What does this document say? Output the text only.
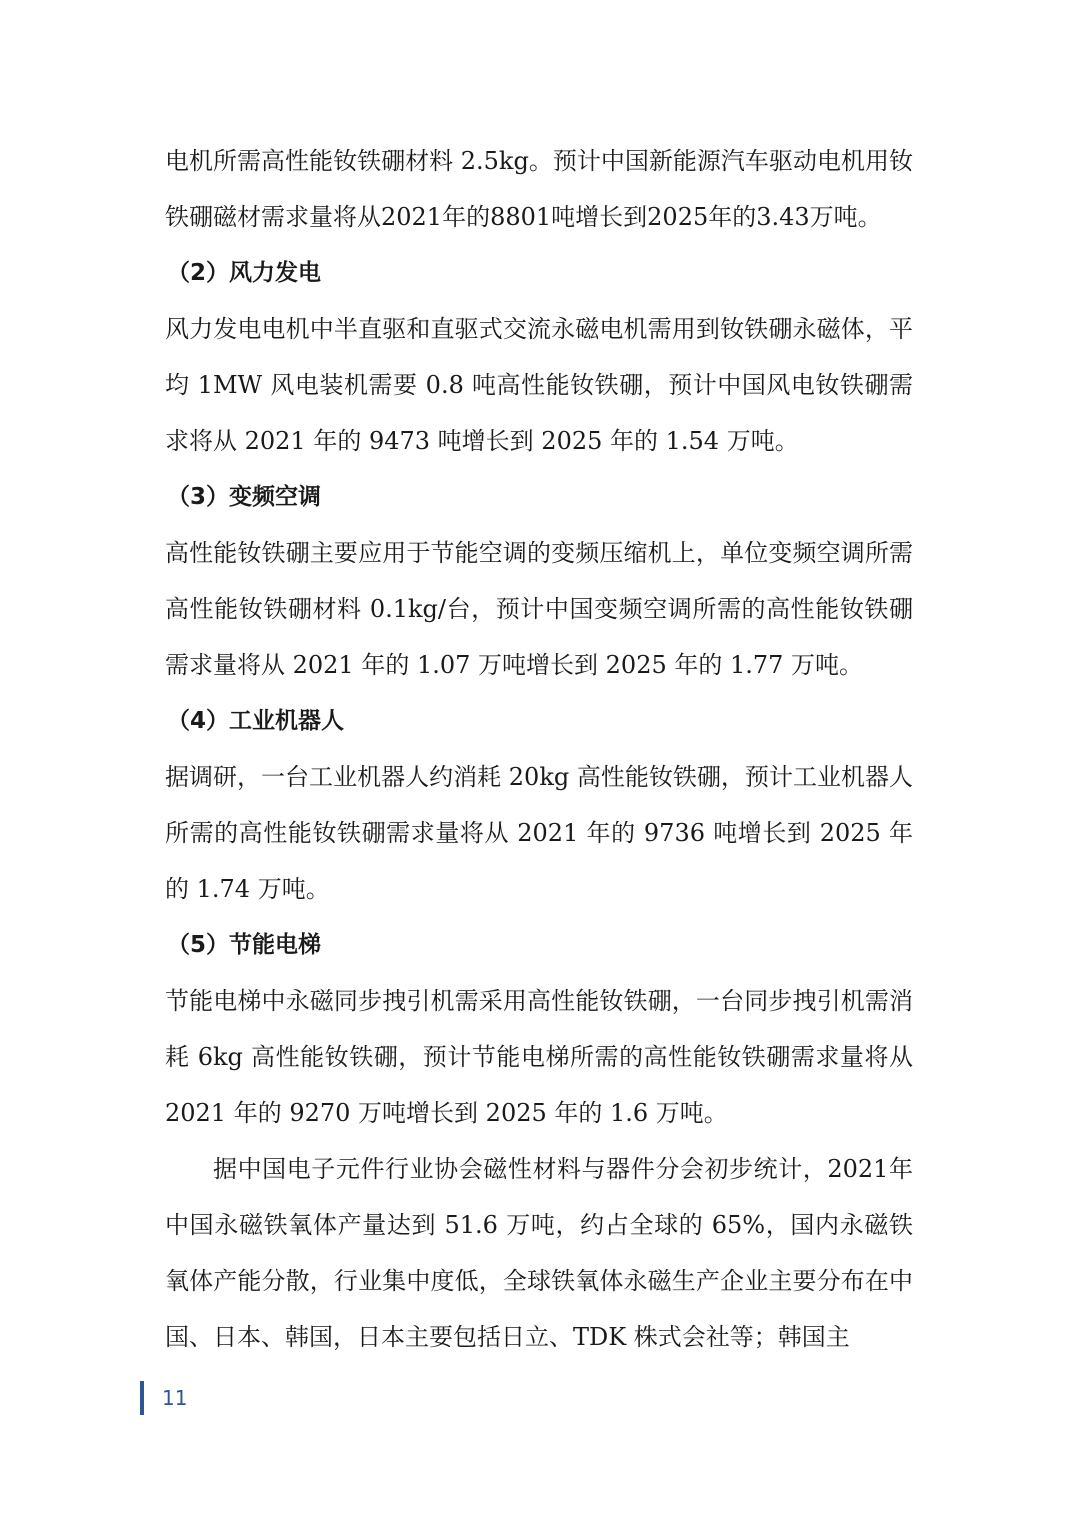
电机所需高性能钕铁硼材料 2.5kg。预计中国新能源汽车驱动电机用钕铁硼磁材需求量将从2021年的8801吨增长到2025年的3.43万吨。

（2）风力发电

风力发电电机中半直驱和直驱式交流永磁电机需用到钕铁硼永磁体，平均 1MW 风电装机需要 0.8 吨高性能钕铁硼，预计中国风电钕铁硼需求将从 2021 年的 9473 吨增长到 2025 年的 1.54 万吨。

（3）变频空调

高性能钕铁硼主要应用于节能空调的变频压缩机上，单位变频空调所需高性能钕铁硼材料 0.1kg/台，预计中国变频空调所需的高性能钕铁硼需求量将从 2021 年的 1.07 万吨增长到 2025 年的 1.77 万吨。

（4）工业机器人

据调研，一台工业机器人约消耗 20kg 高性能钕铁硼，预计工业机器人所需的高性能钕铁硼需求量将从 2021 年的 9736 吨增长到 2025 年的 1.74 万吨。

（5）节能电梯

节能电梯中永磁同步拽引机需采用高性能钕铁硼，一台同步拽引机需消耗 6kg 高性能钕铁硼，预计节能电梯所需的高性能钕铁硼需求量将从 2021 年的 9270 万吨增长到 2025 年的 1.6 万吨。

据中国电子元件行业协会磁性材料与器件分会初步统计，2021年中国永磁铁氧体产量达到 51.6 万吨，约占全球的 65%，国内永磁铁氧体产能分散，行业集中度低，全球铁氧体永磁生产企业主要分布在中国、日本、韩国，日本主要包括日立、TDK 株式会社等；韩国主

11
